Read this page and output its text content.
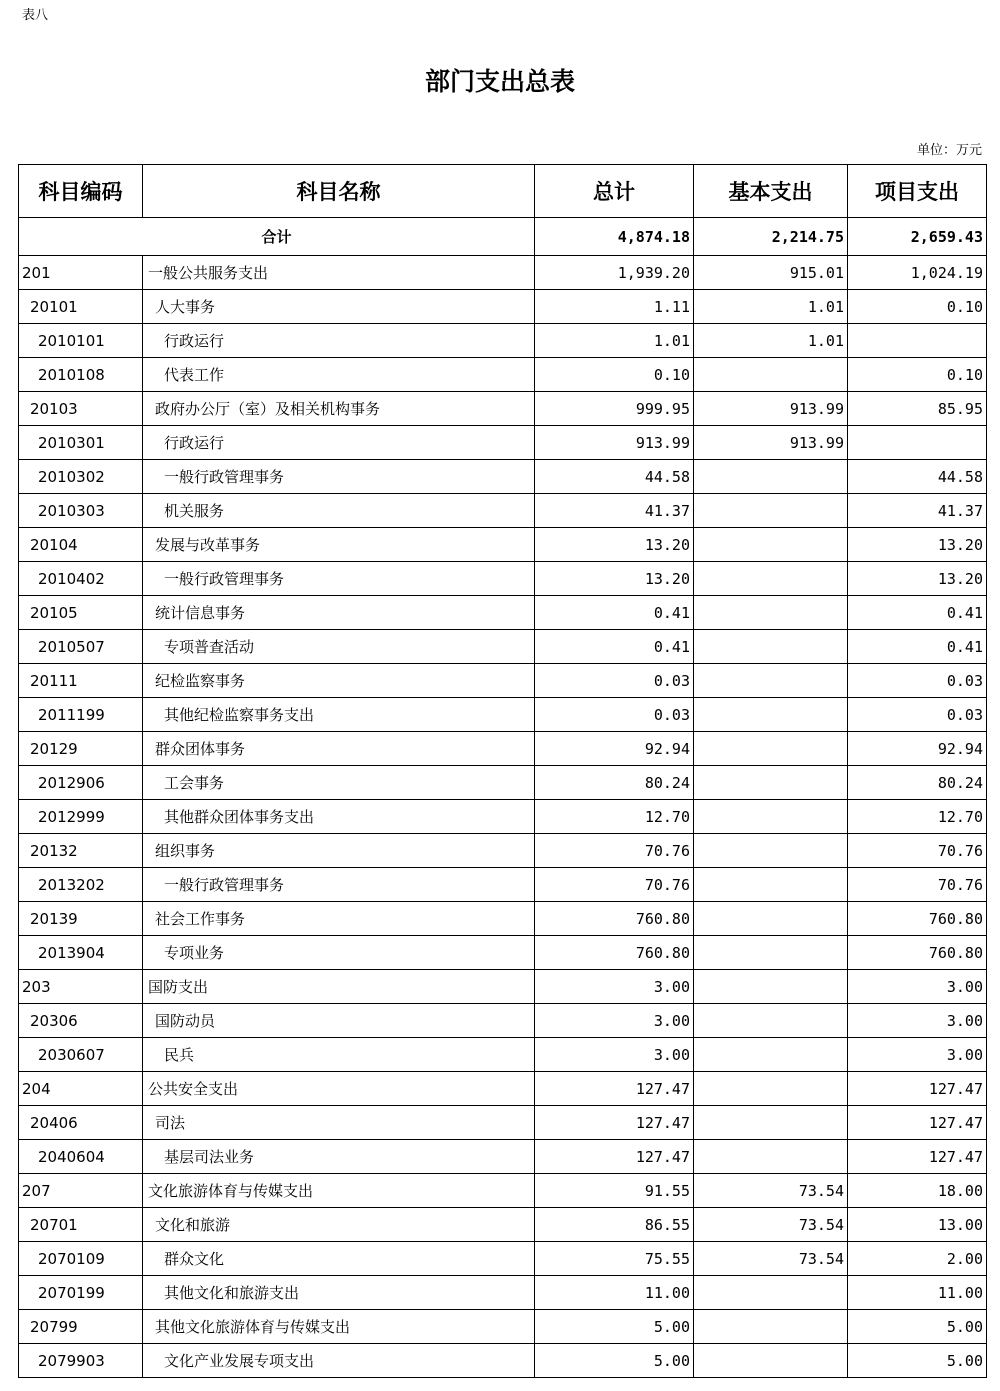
表八
部门支出总表
单位：万元
科目编码	科目名称	总计	基本支出	项目支出
合计		4,874.18	2,214.75	2,659.43
201	一般公共服务支出	1,939.20	915.01	1,024.19
20101	人大事务	1.11	1.01	0.10
2010101	行政运行	1.01	1.01	
2010108	代表工作	0.10		0.10
20103	政府办公厅（室）及相关机构事务	999.95	913.99	85.95
2010301	行政运行	913.99	913.99	
2010302	一般行政管理事务	44.58		44.58
2010303	机关服务	41.37		41.37
20104	发展与改革事务	13.20		13.20
2010402	一般行政管理事务	13.20		13.20
20105	统计信息事务	0.41		0.41
2010507	专项普查活动	0.41		0.41
20111	纪检监察事务	0.03		0.03
2011199	其他纪检监察事务支出	0.03		0.03
20129	群众团体事务	92.94		92.94
2012906	工会事务	80.24		80.24
2012999	其他群众团体事务支出	12.70		12.70
20132	组织事务	70.76		70.76
2013202	一般行政管理事务	70.76		70.76
20139	社会工作事务	760.80		760.80
2013904	专项业务	760.80		760.80
203	国防支出	3.00		3.00
20306	国防动员	3.00		3.00
2030607	民兵	3.00		3.00
204	公共安全支出	127.47		127.47
20406	司法	127.47		127.47
2040604	基层司法业务	127.47		127.47
207	文化旅游体育与传媒支出	91.55	73.54	18.00
20701	文化和旅游	86.55	73.54	13.00
2070109	群众文化	75.55	73.54	2.00
2070199	其他文化和旅游支出	11.00		11.00
20799	其他文化旅游体育与传媒支出	5.00		5.00
2079903	文化产业发展专项支出	5.00		5.00
